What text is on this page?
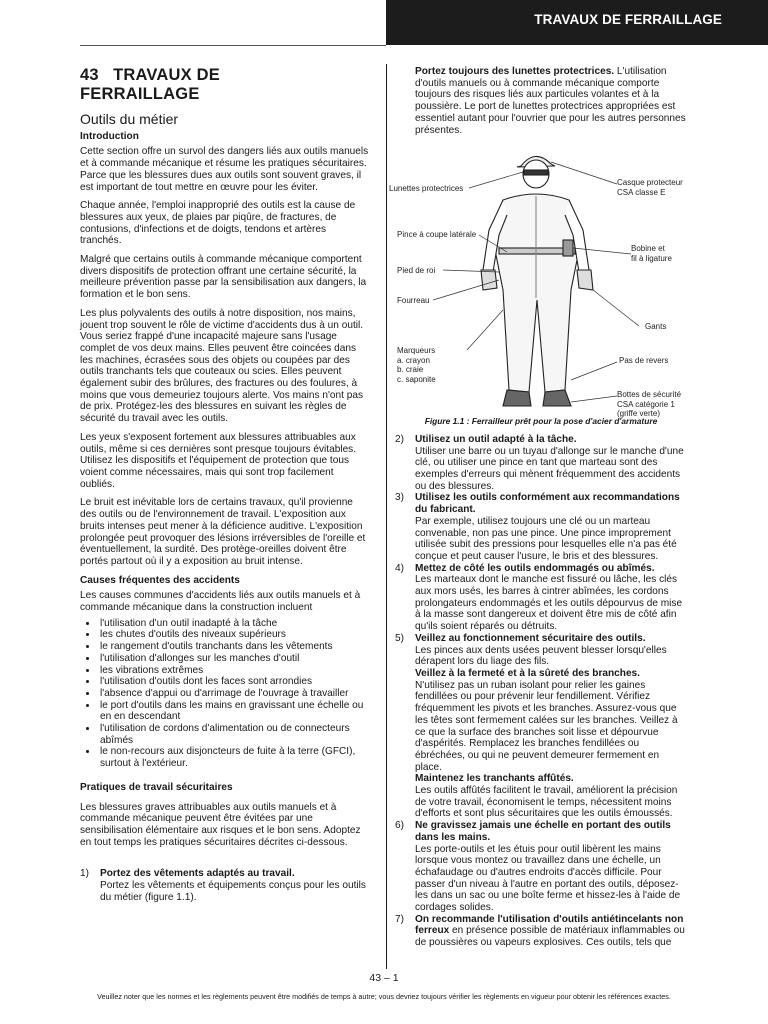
TRAVAUX DE FERRAILLAGE
43   TRAVAUX DE
FERRAILLAGE
Outils du métier
Introduction
Cette section offre un survol des dangers liés aux outils manuels et à commande mécanique et résume les pratiques sécuritaires. Parce que les blessures dues aux outils sont souvent graves, il est important de tout mettre en œuvre pour les éviter.
Chaque année, l'emploi inapproprié des outils est la cause de blessures aux yeux, de plaies par piqûre, de fractures, de contusions, d'infections et de doigts, tendons et artères tranchés.
Malgré que certains outils à commande mécanique comportent divers dispositifs de protection offrant une certaine sécurité, la meilleure prévention passe par la sensibilisation aux dangers, la formation et le bon sens.
Les plus polyvalents des outils à notre disposition, nos mains, jouent trop souvent le rôle de victime d'accidents dus à un outil. Vous seriez frappé d'une incapacité majeure sans l'usage complet de vos deux mains. Elles peuvent être coincées dans les machines, écrasées sous des objets ou coupées par des outils tranchants tels que couteaux ou scies. Elles peuvent également subir des brûlures, des fractures ou des foulures, à moins que vous demeuriez toujours alerte. Vos mains n'ont pas de prix. Protégez-les des blessures en suivant les règles de sécurité du travail avec les outils.
Les yeux s'exposent fortement aux blessures attribuables aux outils, même si ces dernières sont presque toujours évitables. Utilisez les dispositifs et l'équipement de protection que tous voient comme nécessaires, mais qui sont trop facilement oubliés.
Le bruit est inévitable lors de certains travaux, qu'il provienne des outils ou de l'environnement de travail. L'exposition aux bruits intenses peut mener à la déficience auditive. L'exposition prolongée peut provoquer des lésions irréversibles de l'oreille et éventuellement, la surdité. Des protège-oreilles doivent être portés partout où il y a exposition au bruit intense.
Causes fréquentes des accidents
Les causes communes d'accidents liés aux outils manuels et à commande mécanique dans la construction incluent
• l'utilisation d'un outil inadapté à la tâche
• les chutes d'outils des niveaux supérieurs
• le rangement d'outils tranchants dans les vêtements
• l'utilisation d'allonges sur les manches d'outil
• les vibrations extrêmes
• l'utilisation d'outils dont les faces sont arrondies
• l'absence d'appui ou d'arrimage de l'ouvrage à travailler
• le port d'outils dans les mains en gravissant une échelle ou en en descendant
• l'utilisation de cordons d'alimentation ou de connecteurs abîmés
• le non-recours aux disjoncteurs de fuite à la terre (GFCI), surtout à l'extérieur.
Pratiques de travail sécuritaires
Les blessures graves attribuables aux outils manuels et à commande mécanique peuvent être évitées par une sensibilisation élémentaire aux risques et le bon sens. Adoptez en tout temps les pratiques sécuritaires décrites ci-dessous.
1)	Portez des vêtements adaptés au travail.
Portez les vêtements et équipements conçus pour les outils du métier (figure 1.1).
Portez toujours des lunettes protectrices. L'utilisation d'outils manuels ou à commande mécanique comporte toujours des risques liés aux particules volantes et à la poussière. Le port de lunettes protectrices appropriées est essentiel autant pour l'ouvrier que pour les autres personnes présentes.
Lunettes protectrices
Casque protecteur
CSA classe E
Pince à coupe latérale
Bobine et
fil à ligature
Pied de roi
Fourreau
Gants
Marqueurs
a. crayon
b. craie
c. saponite
Pas de revers
Bottes de sécurité
CSA catégorie 1
(griffe verte)
Figure 1.1 : Ferrailleur prêt pour la pose d'acier d'armature
2)	Utilisez un outil adapté à la tâche.
Utiliser une barre ou un tuyau d'allonge sur le manche d'une clé, ou utiliser une pince en tant que marteau sont des exemples d'erreurs qui mènent fréquemment des accidents ou des blessures.
3)	Utilisez les outils conformément aux recommandations du fabricant.
Par exemple, utilisez toujours une clé ou un marteau convenable, non pas une pince. Une pince improprement utilisée subit des pressions pour lesquelles elle n'a pas été conçue et peut causer l'usure, le bris et des blessures.
4)	Mettez de côté les outils endommagés ou abîmés.
Les marteaux dont le manche est fissuré ou lâche, les clés aux mors usés, les barres à cintrer abîmées, les cordons prolongateurs endommagés et les outils dépourvus de mise à la masse sont dangereux et doivent être mis de côté afin qu'ils soient réparés ou détruits.
5)	Veillez au fonctionnement sécuritaire des outils.
Les pinces aux dents usées peuvent blesser lorsqu'elles dérapent lors du liage des fils.
Veillez à la fermeté et à la sûreté des branches.
N'utilisez pas un ruban isolant pour relier les gaines fendillées ou pour prévenir leur fendillement. Vérifiez fréquemment les pivots et les branches. Assurez-vous que les têtes sont fermement calées sur les branches. Veillez à ce que la surface des branches soit lisse et dépourvue d'aspérités. Remplacez les branches fendillées ou ébréchées, ou qui ne peuvent demeurer fermement en place.
Maintenez les tranchants affûtés.
Les outils affûtés facilitent le travail, améliorent la précision de votre travail, économisent le temps, nécessitent moins d'efforts et sont plus sécuritaires que les outils émoussés.
6)	Ne gravissez jamais une échelle en portant des outils dans les mains.
Les porte-outils et les étuis pour outil libèrent les mains lorsque vous montez ou travaillez dans une échelle, un échafaudage ou d'autres endroits d'accès difficile. Pour passer d'un niveau à l'autre en portant des outils, déposez-les dans un sac ou une boîte ferme et hissez-les à l'aide de cordages solides.
7)	On recommande l'utilisation d'outils antiétincelants non ferreux en présence possible de matériaux inflammables ou de poussières ou vapeurs explosives. Ces outils, tels que
43 – 1
Veuillez noter que les normes et les règlements peuvent être modifiés de temps à autre; vous devriez toujours vérifier les règlements en vigueur pour obtenir les références exactes.
